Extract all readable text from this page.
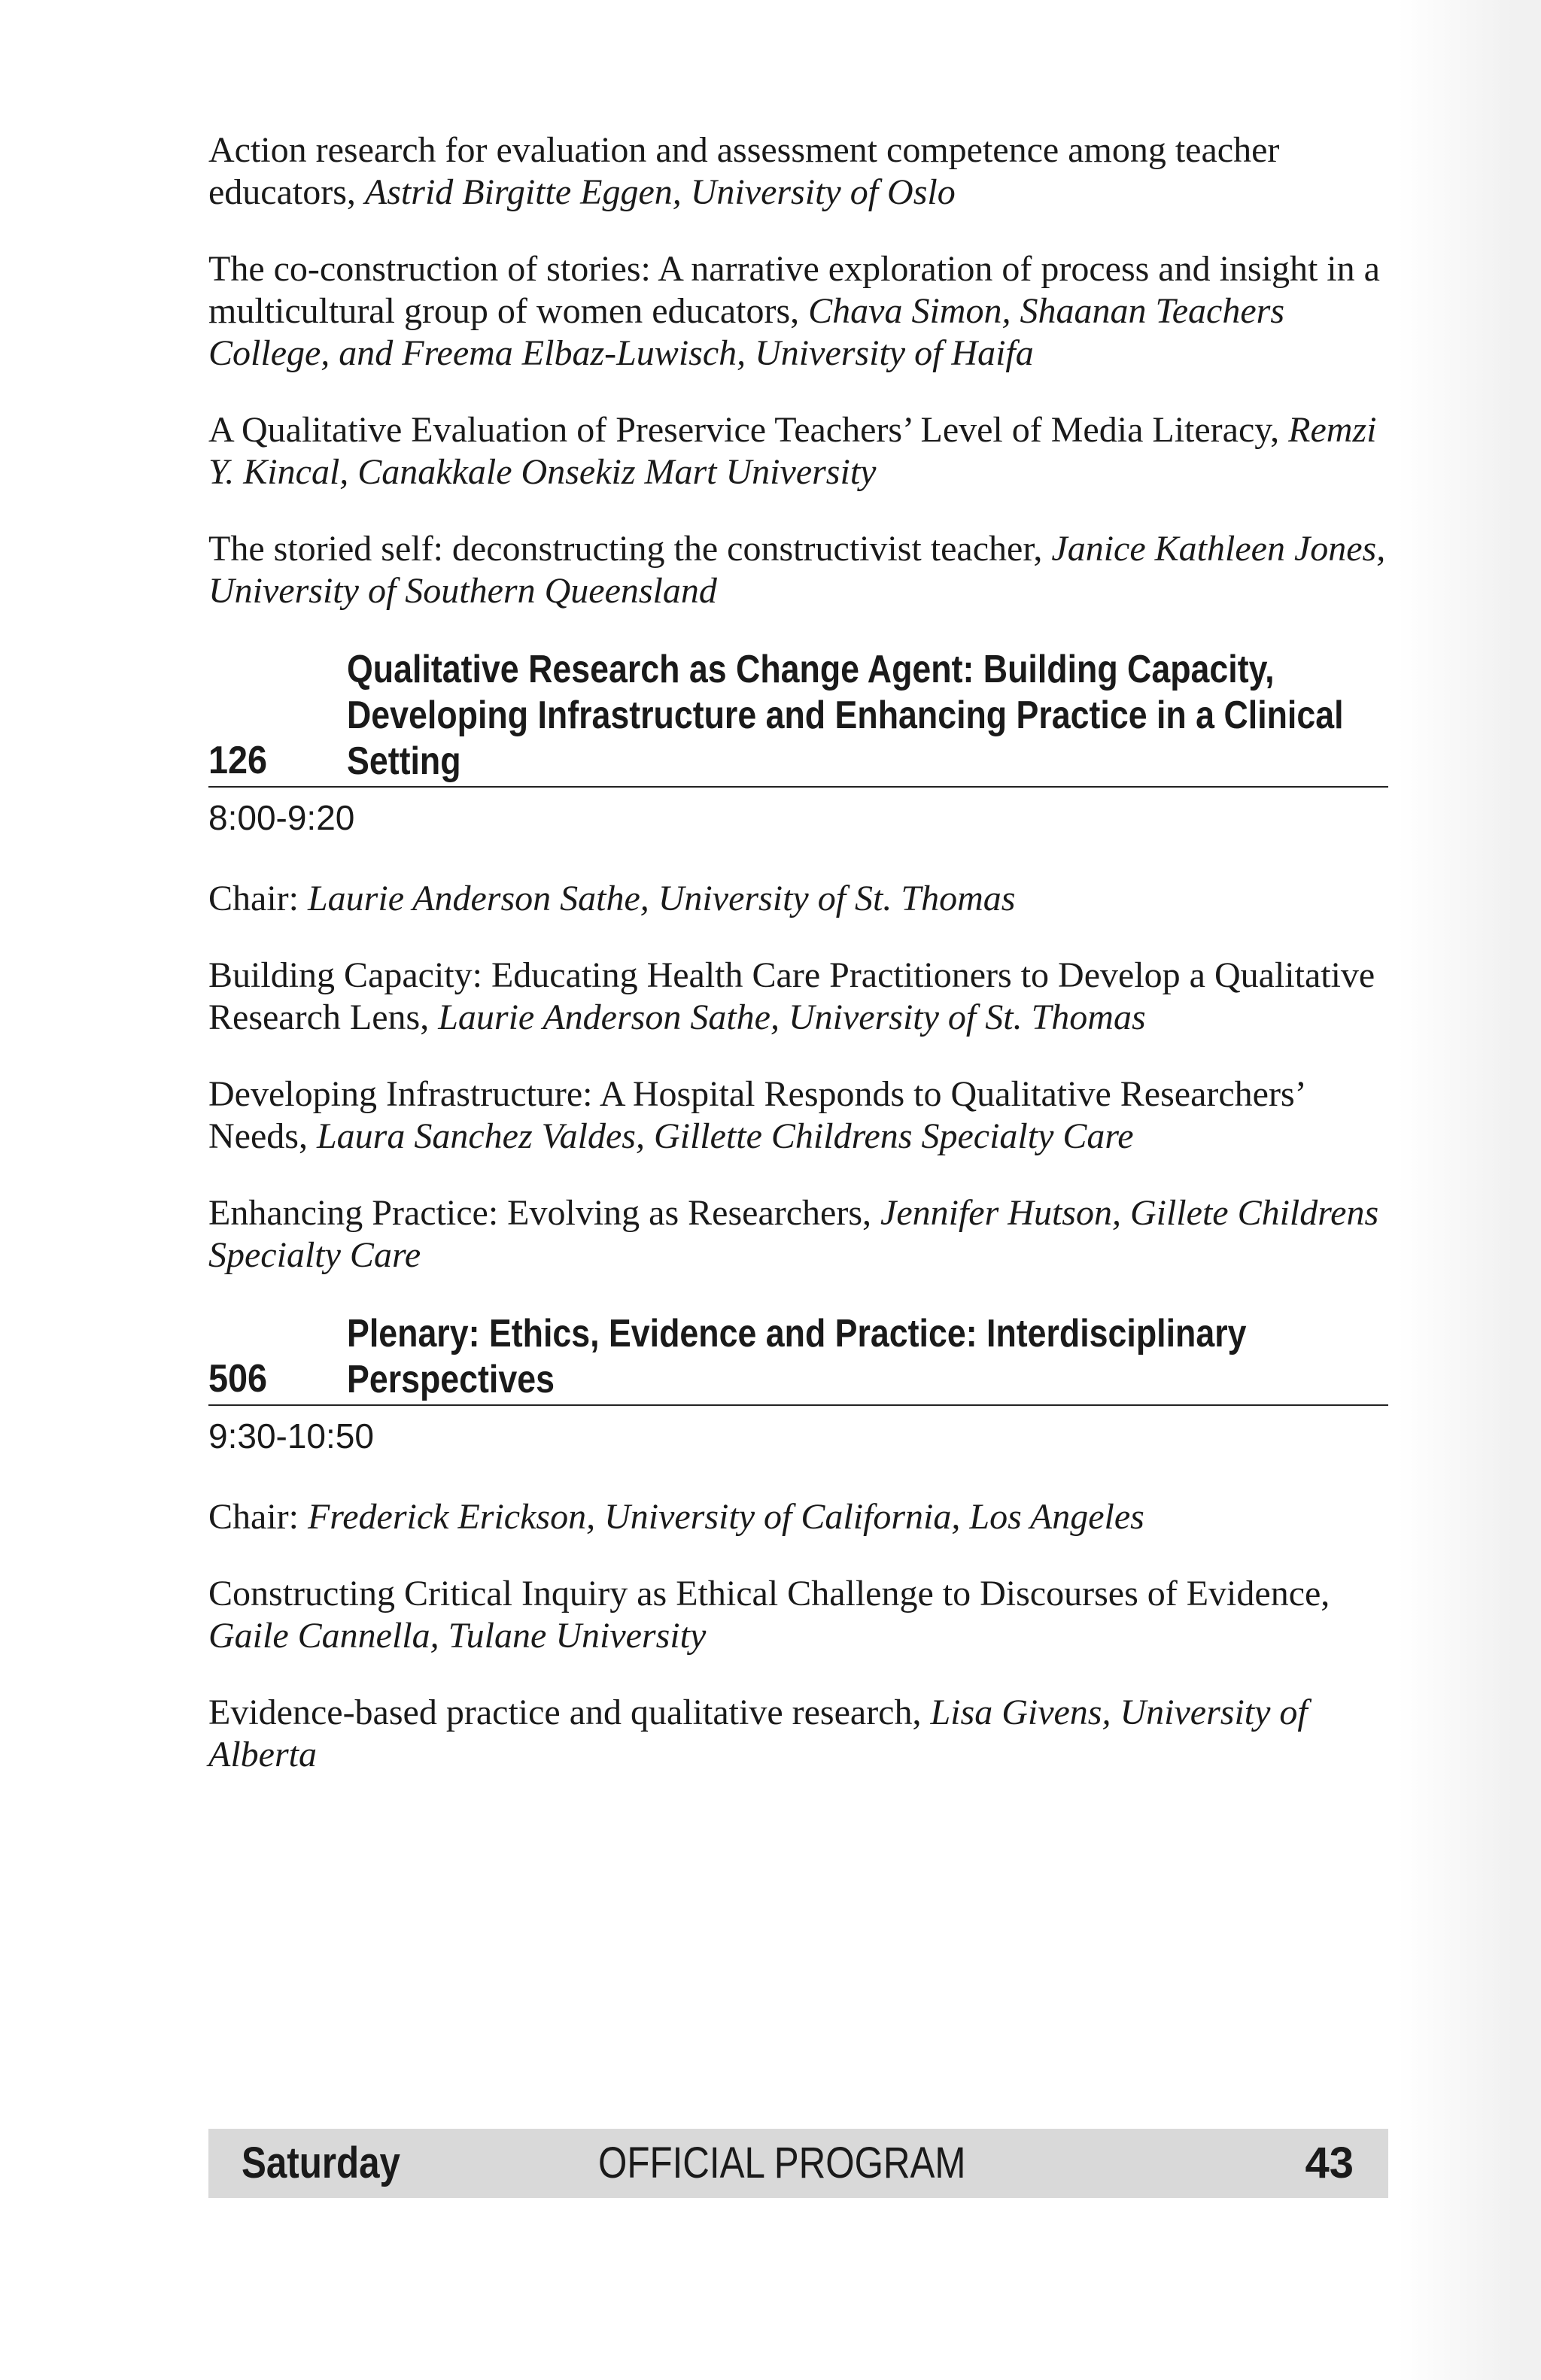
Action research for evaluation and assessment competence among teacher educators, Astrid Birgitte Eggen, University of Oslo

The co-construction of stories: A narrative exploration of process and insight in a multicultural group of women educators, Chava Simon, Shaanan Teachers College, and Freema Elbaz-Luwisch, University of Haifa

A Qualitative Evaluation of Preservice Teachers’ Level of Media Literacy, Remzi Y. Kincal, Canakkale Onsekiz Mart University

The storied self: deconstructing the constructivist teacher, Janice Kathleen Jones, University of Southern Queensland

126
Qualitative Research as Change Agent: Building Capacity, Developing Infrastructure and Enhancing Practice in a Clinical Setting
8:00-9:20

Chair: Laurie Anderson Sathe, University of St. Thomas

Building Capacity: Educating Health Care Practitioners to Develop a Qualitative Research Lens, Laurie Anderson Sathe, University of St. Thomas

Developing Infrastructure: A Hospital Responds to Qualitative Researchers’ Needs, Laura Sanchez Valdes, Gillette Childrens Specialty Care

Enhancing Practice: Evolving as Researchers, Jennifer Hutson, Gillete Childrens Specialty Care

506
Plenary: Ethics, Evidence and Practice: Interdisciplinary Perspectives
9:30-10:50

Chair: Frederick Erickson, University of California, Los Angeles

Constructing Critical Inquiry as Ethical Challenge to Discourses of Evidence, Gaile Cannella, Tulane University

Evidence-based practice and qualitative research, Lisa Givens, University of Alberta

Saturday	OFFICIAL PROGRAM	43
